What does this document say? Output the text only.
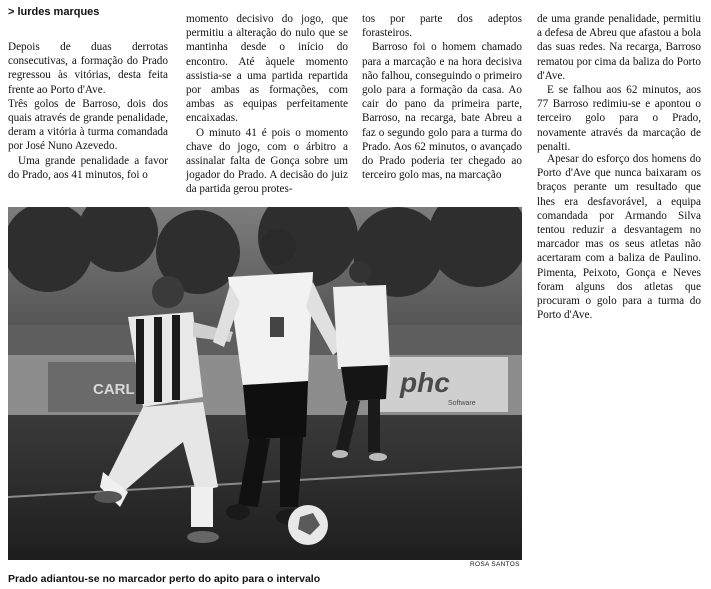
> lurdes marques

Depois de duas derrotas consecutivas, a formação do Prado regressou às vitórias, desta feita frente ao Porto d'Ave.

Três golos de Barroso, dois dos quais através de grande penalidade, deram a vitória à turma comandada por José Nuno Azevedo.

Uma grande penalidade a favor do Prado, aos 41 minutos, foi o

momento decisivo do jogo, que permitiu a alteração do nulo que se mantinha desde o início do encontro. Até àquele momento assistia-se a uma partida repartida por ambas as formações, com ambas as equipas perfeitamente encaixadas.

O minuto 41 é pois o momento chave do jogo, com o árbitro a assinalar falta de Gonça sobre um jogador do Prado. A decisão do juiz da partida gerou protes-

tos por parte dos adeptos forasteiros.

Barroso foi o homem chamado para a marcação e na hora decisiva não falhou, conseguindo o primeiro golo para a formação da casa. Ao cair do pano da primeira parte, Barroso, na recarga, bate Abreu a faz o segundo golo para a turma do Prado. Aos 62 minutos, o avançado do Prado poderia ter chegado ao terceiro golo mas, na marcação

de uma grande penalidade, permitiu a defesa de Abreu que afastou a bola das suas redes. Na recarga, Barroso rematou por cima da baliza do Porto d'Ave.

E se falhou aos 62 minutos, aos 77 Barroso redimiu-se e apontou o terceiro golo para o Prado, novamente através da marcação de penalti.

Apesar do esforço dos homens do Porto d'Ave que nunca baixaram os braços perante um resultado que lhes era desfavorável, a equipa comandada por Armando Silva tentou reduzir a desvantagem no marcador mas os seus atletas não acertaram com a baliza de Paulino. Pimenta, Peixoto, Gonça e Neves foram alguns dos atletas que procuram o golo para a turma do Porto d'Ave.

CARL	phc
Software
ROSA SANTOS
Prado adiantou-se no marcador perto do apito para o intervalo
